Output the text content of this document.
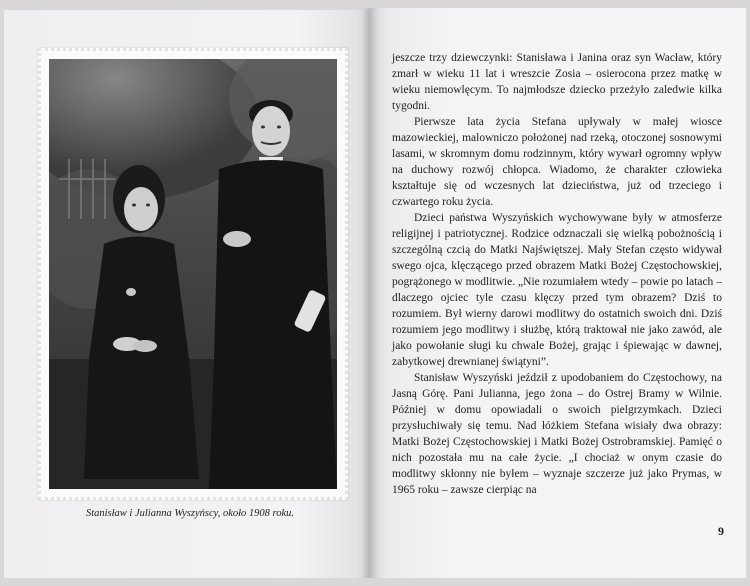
Stanisław i Julianna Wyszyńscy, około 1908 roku.

jeszcze trzy dziewczynki: Stanisława i Janina oraz syn Wacław, który zmarł w wieku 11 lat i wreszcie Zosia – osierocona przez matkę w wieku niemowlęcym. To najmłodsze dziecko przeżyło zaledwie kilka tygodni.

Pierwsze lata życia Stefana upływały w małej wiosce mazowieckiej, malowniczo położonej nad rzeką, otoczonej sosnowymi lasami, w skromnym domu rodzinnym, który wywarł ogromny wpływ na duchowy rozwój chłopca. Wiadomo, że charakter człowieka kształtuje się od wczesnych lat dzieciństwa, już od trzeciego i czwartego roku życia.

Dzieci państwa Wyszyńskich wychowywane były w atmosferze religijnej i patriotycznej. Rodzice odznaczali się wielką pobożnością i szczególną czcią do Matki Najświętszej. Mały Stefan często widywał swego ojca, klęczącego przed obrazem Matki Bożej Częstochowskiej, pogrążonego w modlitwie. „Nie rozumiałem wtedy – powie po latach – dlaczego ojciec tyle czasu klęczy przed tym obrazem? Dziś to rozumiem. Był wierny darowi modlitwy do ostatnich swoich dni. Dziś rozumiem jego modlitwy i służbę, którą traktował nie jako zawód, ale jako powołanie sługi ku chwale Bożej, grając i śpiewając w dawnej, zabytkowej drewnianej świątyni”.

Stanisław Wyszyński jeździł z upodobaniem do Częstochowy, na Jasną Górę. Pani Julianna, jego żona – do Ostrej Bramy w Wilnie. Później w domu opowiadali o swoich pielgrzymkach. Dzieci przysłuchiwały się temu. Nad łóżkiem Stefana wisiały dwa obrazy: Matki Bożej Częstochowskiej i Matki Bożej Ostrobramskiej. Pamięć o nich pozostała mu na całe życie. „I chociaż w onym czasie do modlitwy skłonny nie byłem – wyznaje szczerze już jako Prymas, w 1965 roku – zawsze cierpiąc na

9
